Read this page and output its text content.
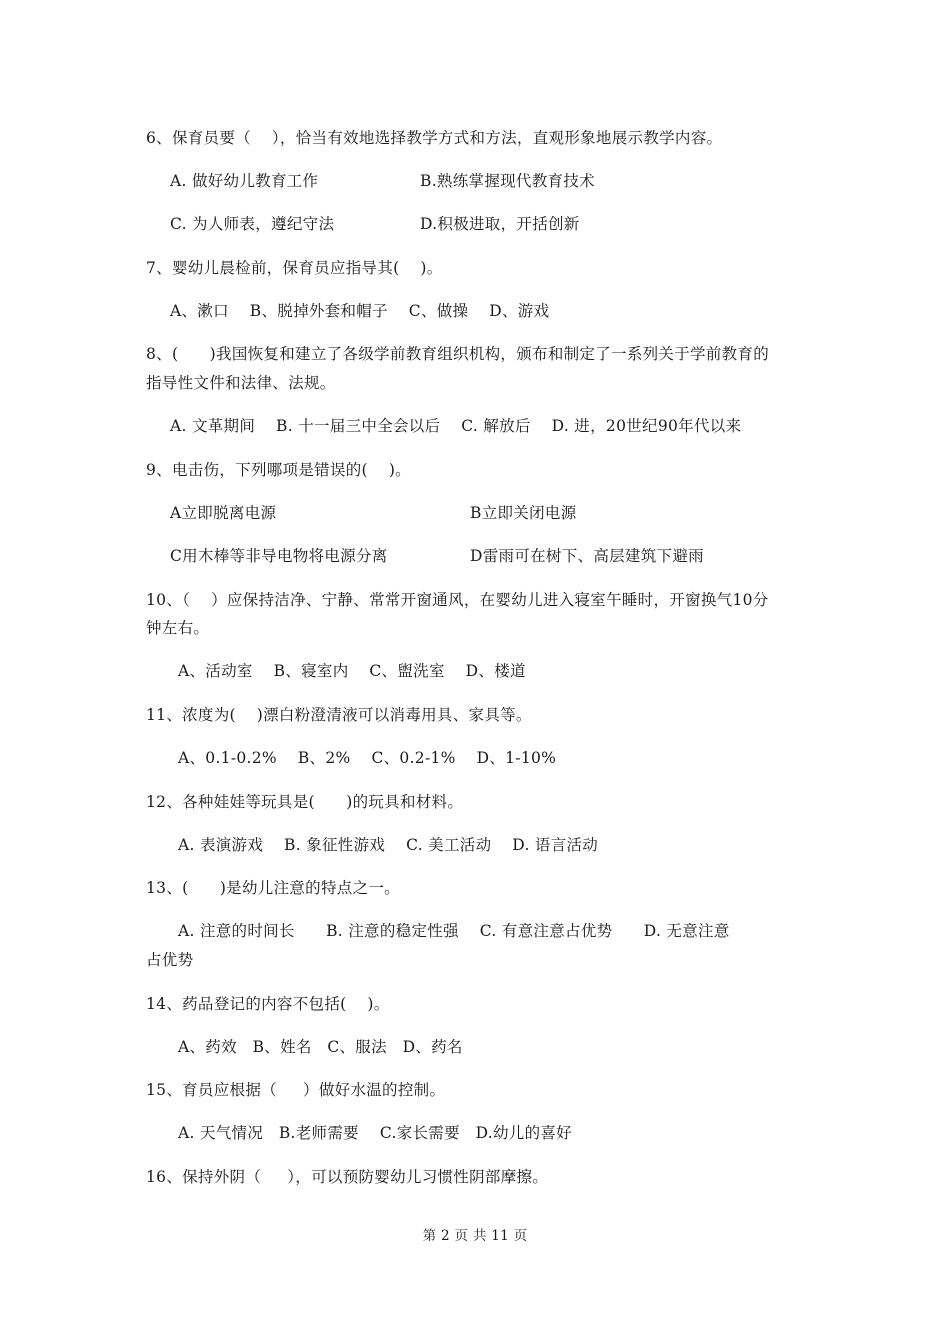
6、保育员要（    ），恰当有效地选择教学方式和方法，直观形象地展示教学内容。
A. 做好幼儿教育工作	B.熟练掌握现代教育技术
C. 为人师表，遵纪守法	D.积极进取，开括创新
7、婴幼儿晨检前，保育员应指导其(    )。
A、漱口    B、脱掉外套和帽子    C、做操    D、游戏
8、(      )我国恢复和建立了各级学前教育组织机构，颁布和制定了一系列关于学前教育的
指导性文件和法律、法规。
A. 文革期间    B. 十一届三中全会以后    C. 解放后    D. 进，20世纪90年代以来
9、电击伤，下列哪项是错误的(    )。
A立即脱离电源	B立即关闭电源
C用木棒等非导电物将电源分离	D雷雨可在树下、高层建筑下避雨
10、（    ）应保持洁净、宁静、常常开窗通风，在婴幼儿进入寝室午睡时，开窗换气10分
钟左右。
A、活动室    B、寝室内    C、盥洗室    D、楼道
11、浓度为(    )漂白粉澄清液可以消毒用具、家具等。
A、0.1-0.2%    B、2%    C、0.2-1%    D、1-10%
12、各种娃娃等玩具是(      )的玩具和材料。
A. 表演游戏    B. 象征性游戏    C. 美工活动    D. 语言活动
13、(      )是幼儿注意的特点之一。
A. 注意的时间长      B. 注意的稳定性强    C. 有意注意占优势      D. 无意注意
占优势
14、药品登记的内容不包括(    )。
A、药效   B、姓名   C、服法   D、药名
15、育员应根据（     ）做好水温的控制。
A. 天气情况   B.老师需要    C.家长需要   D.幼儿的喜好
16、保持外阴（     ），可以预防婴幼儿习惯性阴部摩擦。
第 2 页 共 11 页
